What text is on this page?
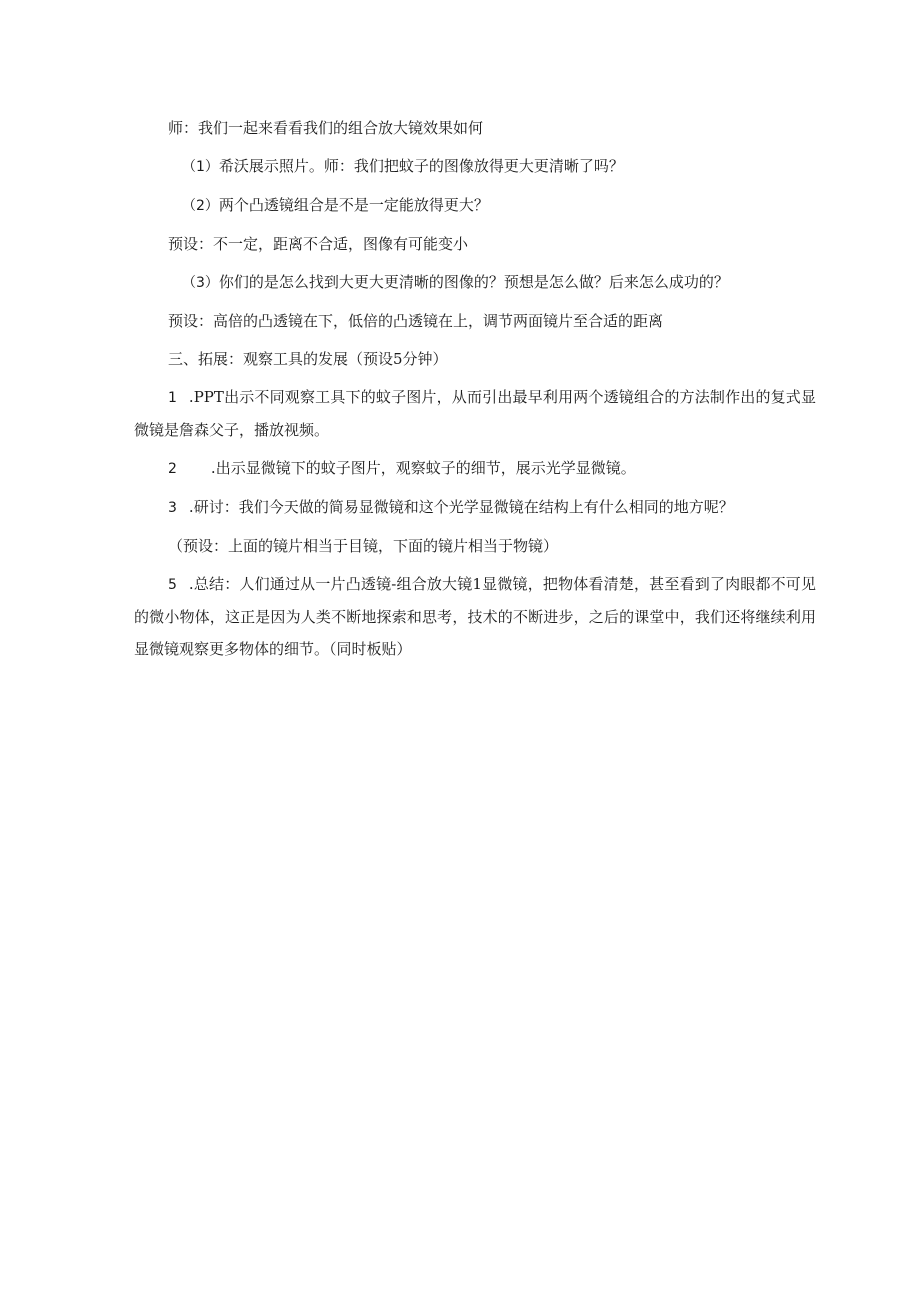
师：我们一起来看看我们的组合放大镜效果如何

（1）希沃展示照片。师：我们把蚊子的图像放得更大更清晰了吗？

（2）两个凸透镜组合是不是一定能放得更大？

预设：不一定，距离不合适，图像有可能变小

（3）你们的是怎么找到大更大更清晰的图像的？预想是怎么做？后来怎么成功的？

预设：高倍的凸透镜在下，低倍的凸透镜在上，调节两面镜片至合适的距离

三、拓展：观察工具的发展（预设5分钟）

1 .PPT出示不同观察工具下的蚊子图片，从而引出最早利用两个透镜组合的方法制作出的复式显微镜是詹森父子，播放视频。

2 .出示显微镜下的蚊子图片，观察蚊子的细节，展示光学显微镜。

3 .研讨：我们今天做的简易显微镜和这个光学显微镜在结构上有什么相同的地方呢？

（预设：上面的镜片相当于目镜，下面的镜片相当于物镜）

5 .总结：人们通过从一片凸透镜-组合放大镜1显微镜，把物体看清楚，甚至看到了肉眼都不可见的微小物体，这正是因为人类不断地探索和思考，技术的不断进步，之后的课堂中，我们还将继续利用显微镜观察更多物体的细节。（同时板贴）
